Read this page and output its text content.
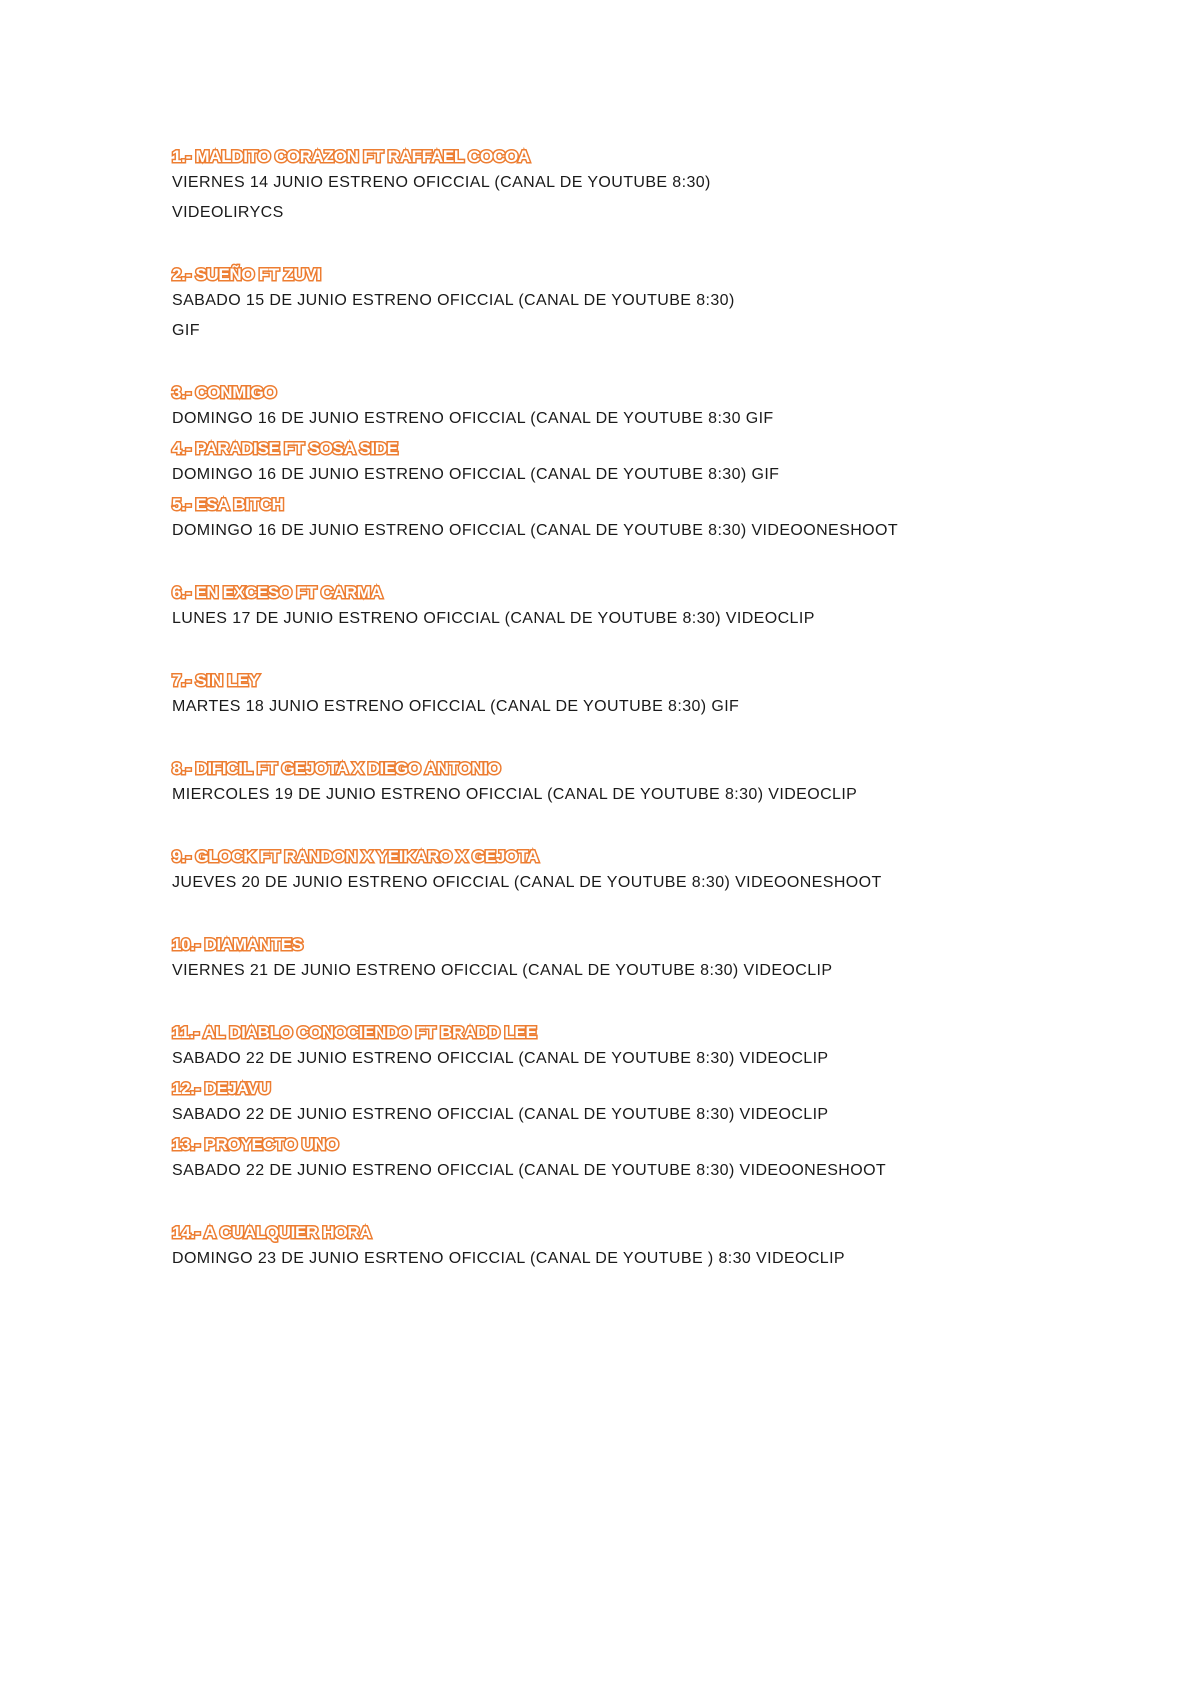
1.- MALDITO CORAZON FT RAFFAEL COCOA
VIERNES 14 JUNIO ESTRENO OFICCIAL (CANAL DE YOUTUBE 8:30)
VIDEOLIRYCS
2.- SUEÑO FT ZUVI
SABADO 15 DE JUNIO ESTRENO OFICCIAL (CANAL DE YOUTUBE 8:30)
GIF
3.- CONMIGO
DOMINGO 16 DE JUNIO ESTRENO OFICCIAL (CANAL DE YOUTUBE 8:30 GIF
4.- PARADISE FT SOSA SIDE
DOMINGO 16 DE JUNIO ESTRENO OFICCIAL (CANAL DE YOUTUBE 8:30) GIF
5.- ESA BITCH
DOMINGO 16 DE JUNIO ESTRENO OFICCIAL (CANAL DE YOUTUBE 8:30) VIDEOONESHOOT
6.- EN EXCESO FT CARMA
LUNES 17 DE JUNIO ESTRENO OFICCIAL (CANAL DE YOUTUBE 8:30) VIDEOCLIP
7.- SIN LEY
MARTES 18 JUNIO ESTRENO OFICCIAL (CANAL DE YOUTUBE 8:30) GIF
8.- DIFICIL FT GEJOTA X DIEGO ANTONIO
MIERCOLES 19 DE JUNIO ESTRENO OFICCIAL (CANAL DE YOUTUBE 8:30) VIDEOCLIP
9.- GLOCK FT RANDON X YEIKARO X GEJOTA
JUEVES 20 DE JUNIO ESTRENO OFICCIAL (CANAL DE YOUTUBE 8:30) VIDEOONESHOOT
10.- DIAMANTES
VIERNES 21 DE JUNIO ESTRENO OFICCIAL (CANAL DE YOUTUBE 8:30) VIDEOCLIP
11.- AL DIABLO CONOCIENDO FT BRADD LEE
SABADO 22 DE JUNIO ESTRENO OFICCIAL (CANAL DE YOUTUBE 8:30) VIDEOCLIP
12.- DEJAVU
SABADO 22 DE JUNIO ESTRENO OFICCIAL (CANAL DE YOUTUBE 8:30) VIDEOCLIP
13.- PROYECTO UNO
SABADO 22 DE JUNIO ESTRENO OFICCIAL (CANAL DE YOUTUBE 8:30) VIDEOONESHOOT
14.- A CUALQUIER HORA
DOMINGO 23 DE JUNIO ESRTENO OFICCIAL (CANAL DE YOUTUBE ) 8:30 VIDEOCLIP
